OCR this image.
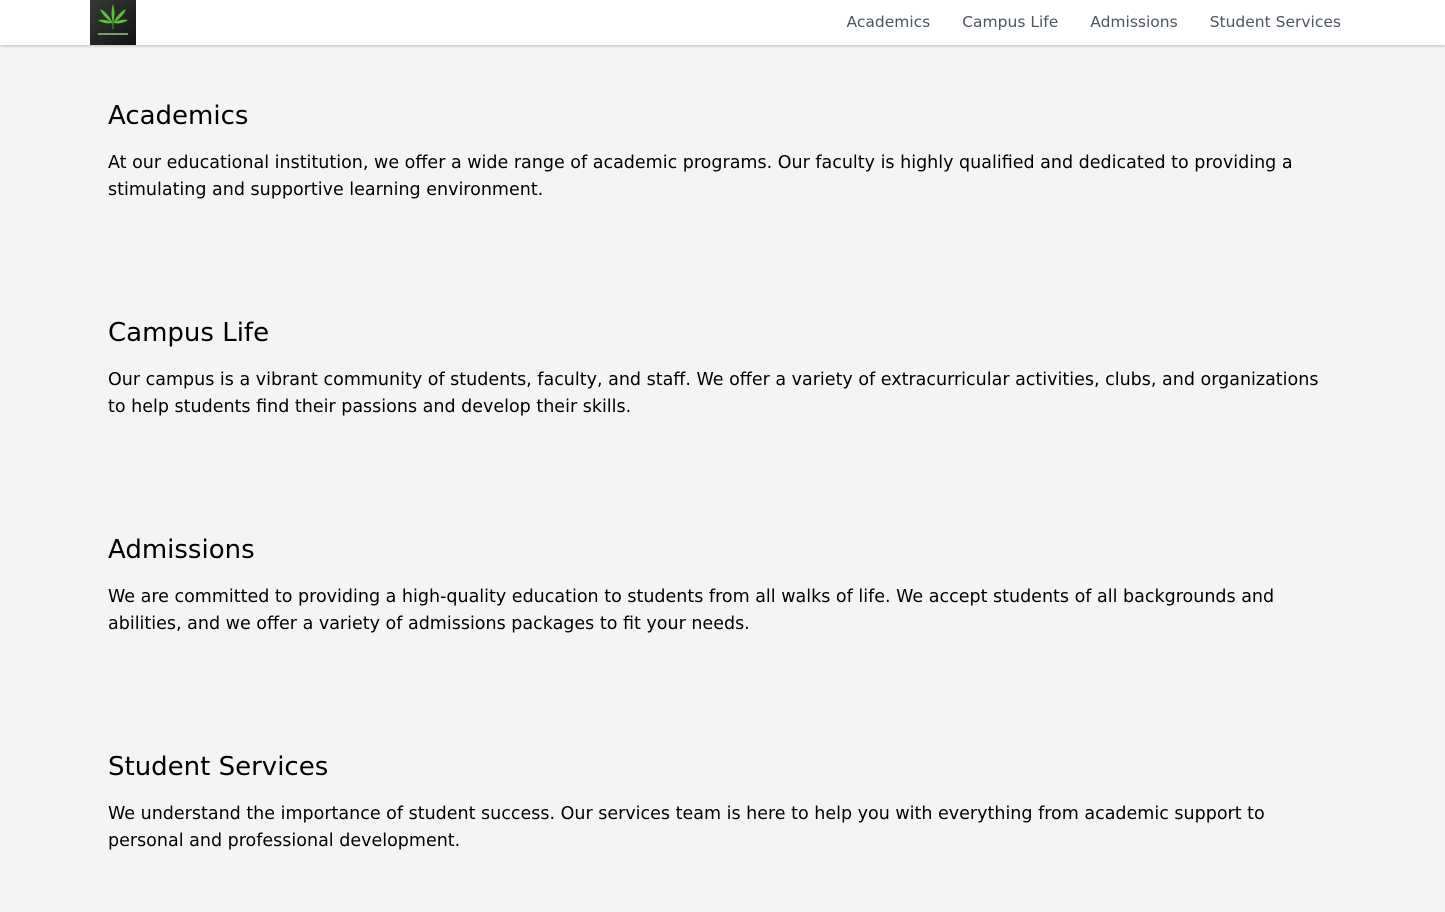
Academics Campus Life Admissions Student Services
Academics

At our educational institution, we offer a wide range of academic programs. Our faculty is highly qualified and dedicated to providing a stimulating and supportive learning environment.

Campus Life

Our campus is a vibrant community of students, faculty, and staff. We offer a variety of extracurricular activities, clubs, and organizations to help students find their passions and develop their skills.

Admissions

We are committed to providing a high-quality education to students from all walks of life. We accept students of all backgrounds and abilities, and we offer a variety of admissions packages to fit your needs.

Student Services

We understand the importance of student success. Our services team is here to help you with everything from academic support to personal and professional development.
